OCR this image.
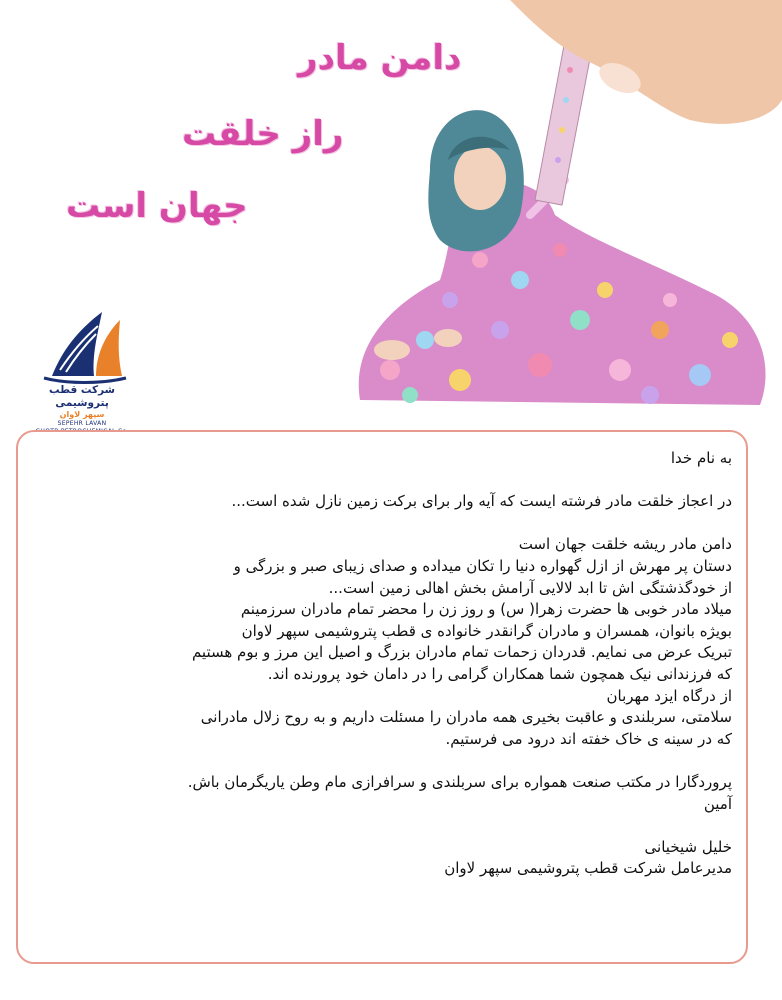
دامن مادر
راز خلقت
جهان است
شرکت قطب پتروشیمی
سپهر لاوان
SEPEHR LAVAN
به نام خدا
در اعجاز خلقت مادر فرشته ایست که آیه وار برای برکت زمین نازل شده است...
دامن مادر ریشه خلقت جهان است
دستان پر مهرش از ازل گهواره دنیا را تکان میداده و صدای زیبای صبر و بزرگی و
از خودگذشتگی اش تا ابد لالایی آرامش بخش اهالی زمین است...
میلاد مادر خوبی ها حضرت زهرا( س) و روز زن را محضر تمام مادران سرزمینم
بویژه بانوان، همسران و مادران گرانقدر خانواده ی قطب پتروشیمی سپهر لاوان
تبریک عرض می نمایم. قدردان زحمات تمام مادران بزرگ و اصیل این مرز و بوم هستیم
که فرزندانی نیک همچون شما همکاران گرامی را در دامان خود پرورنده اند.
از درگاه ایزد مهربان
سلامتی، سربلندی و عاقبت بخیری همه مادران را مسئلت داریم و به روح زلال مادرانی
که در سینه ی خاک خفته اند درود می فرستیم.
پروردگارا در مکتب صنعت همواره برای سربلندی و سرافرازی مام وطن یاریگرمان باش.
آمین
خلیل شیخیانی
مدیرعامل شرکت قطب پتروشیمی سپهر لاوان
